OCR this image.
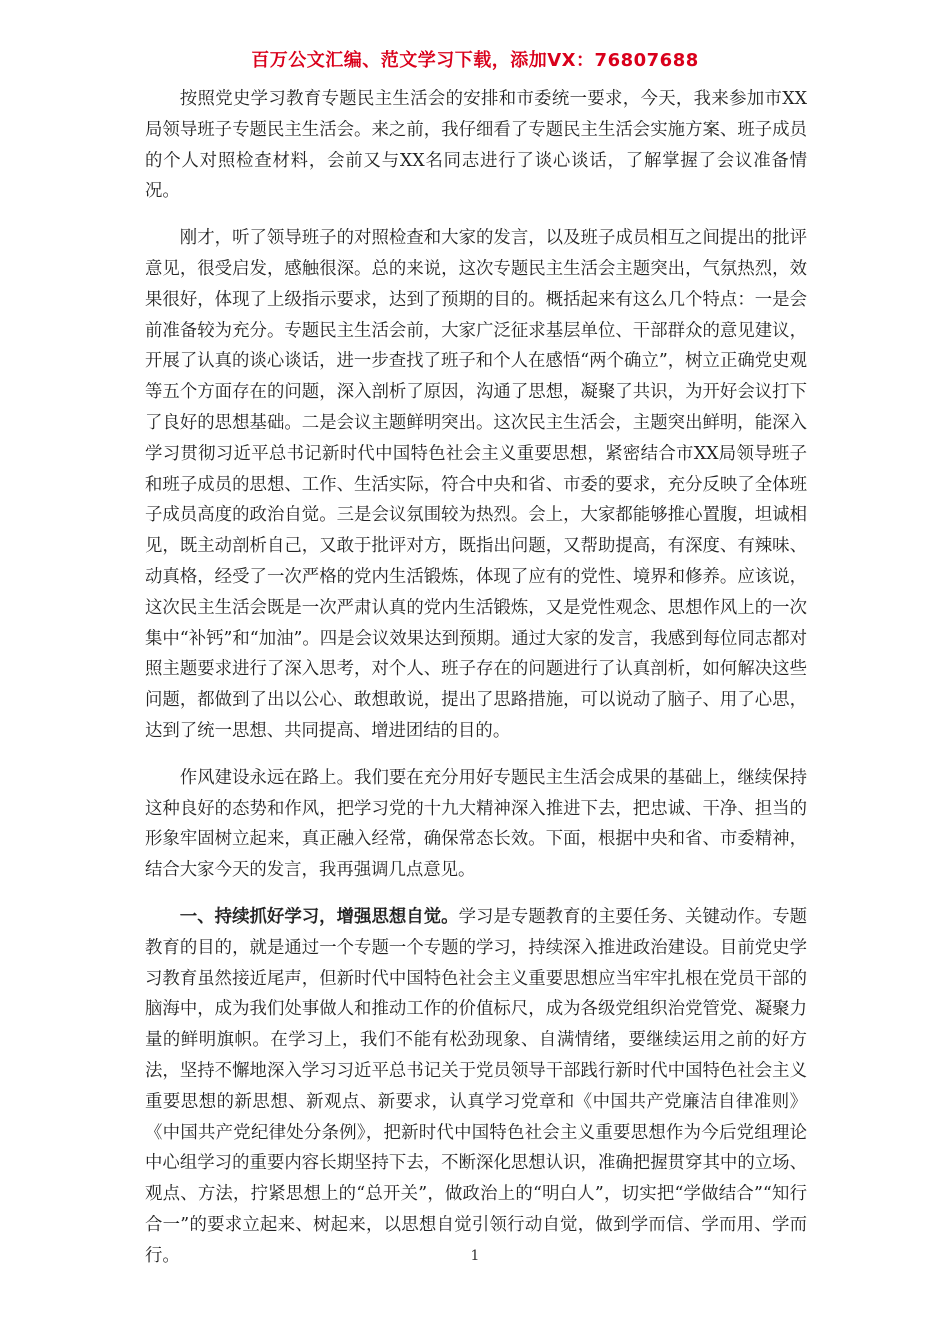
百万公文汇编、范文学习下载，添加VX：76807688

按照党史学习教育专题民主生活会的安排和市委统一要求，今天，我来参加市XX局领导班子专题民主生活会。来之前，我仔细看了专题民主生活会实施方案、班子成员的个人对照检查材料，会前又与XX名同志进行了谈心谈话，了解掌握了会议准备情况。

刚才，听了领导班子的对照检查和大家的发言，以及班子成员相互之间提出的批评意见，很受启发，感触很深。总的来说，这次专题民主生活会主题突出，气氛热烈，效果很好，体现了上级指示要求，达到了预期的目的。概括起来有这么几个特点：一是会前准备较为充分。专题民主生活会前，大家广泛征求基层单位、干部群众的意见建议，开展了认真的谈心谈话，进一步查找了班子和个人在感悟“两个确立”，树立正确党史观等五个方面存在的问题，深入剖析了原因，沟通了思想，凝聚了共识，为开好会议打下了良好的思想基础。二是会议主题鲜明突出。这次民主生活会，主题突出鲜明，能深入学习贯彻习近平总书记新时代中国特色社会主义重要思想，紧密结合市XX局领导班子和班子成员的思想、工作、生活实际，符合中央和省、市委的要求，充分反映了全体班子成员高度的政治自觉。三是会议氛围较为热烈。会上，大家都能够推心置腹，坦诚相见，既主动剖析自己，又敢于批评对方，既指出问题，又帮助提高，有深度、有辣味、动真格，经受了一次严格的党内生活锻炼，体现了应有的党性、境界和修养。应该说，这次民主生活会既是一次严肃认真的党内生活锻炼，又是党性观念、思想作风上的一次集中“补钙”和“加油”。四是会议效果达到预期。通过大家的发言，我感到每位同志都对照主题要求进行了深入思考，对个人、班子存在的问题进行了认真剖析，如何解决这些问题，都做到了出以公心、敢想敢说，提出了思路措施，可以说动了脑子、用了心思，达到了统一思想、共同提高、增进团结的目的。

作风建设永远在路上。我们要在充分用好专题民主生活会成果的基础上，继续保持这种良好的态势和作风，把学习党的十九大精神深入推进下去，把忠诚、干净、担当的形象牢固树立起来，真正融入经常，确保常态长效。下面，根据中央和省、市委精神，结合大家今天的发言，我再强调几点意见。

一、持续抓好学习，增强思想自觉。学习是专题教育的主要任务、关键动作。专题教育的目的，就是通过一个专题一个专题的学习，持续深入推进政治建设。目前党史学习教育虽然接近尾声，但新时代中国特色社会主义重要思想应当牢牢扎根在党员干部的脑海中，成为我们处事做人和推动工作的价值标尺，成为各级党组织治党管党、凝聚力量的鲜明旗帜。在学习上，我们不能有松劲现象、自满情绪，要继续运用之前的好方法，坚持不懈地深入学习习近平总书记关于党员领导干部践行新时代中国特色社会主义重要思想的新思想、新观点、新要求，认真学习党章和《中国共产党廉洁自律准则》《中国共产党纪律处分条例》，把新时代中国特色社会主义重要思想作为今后党组理论中心组学习的重要内容长期坚持下去，不断深化思想认识，准确把握贯穿其中的立场、观点、方法，拧紧思想上的“总开关”，做政治上的“明白人”，切实把“学做结合”“知行合一”的要求立起来、树起来，以思想自觉引领行动自觉，做到学而信、学而用、学而行。	1
